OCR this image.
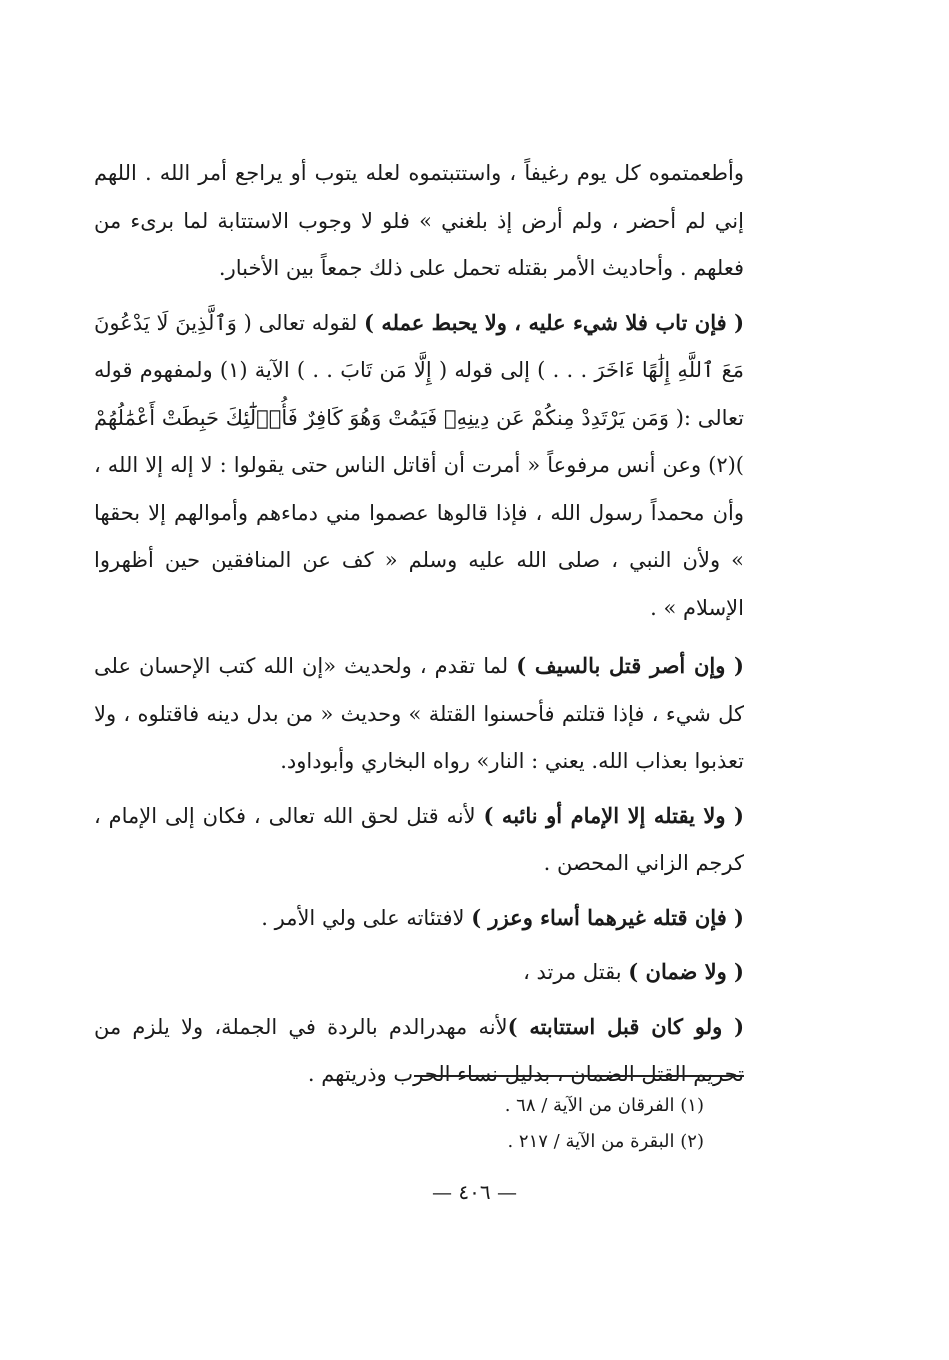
وأطعمتموه كل يوم رغيفاً ، واستتبتموه لعله يتوب أو يراجع أمر الله . اللهم إني لم أحضر ، ولم أرض إذ بلغني » فلو لا وجوب الاستتابة لما برىء من فعلهم . وأحاديث الأمر بقتله تحمل على ذلك جمعاً بين الأخبار.

( فإن تاب فلا شيء عليه ، ولا يحبط عمله ) لقوله تعالى ( وَٱلَّذِينَ لَا يَدْعُونَ مَعَ ٱللَّهِ إِلَٰهًا ءَاخَرَ . . . ) إلى قوله ( إِلَّا مَن تَابَ . . ) الآية (١) ولمفهوم قوله تعالى :( وَمَن يَرْتَدِدْ مِنكُمْ عَن دِينِهِۦ فَيَمُتْ وَهُوَ كَافِرٌ فَأُو۟لَٰٓئِكَ حَبِطَتْ أَعْمَٰلُهُمْ )(٢) وعن أنس مرفوعاً « أمرت أن أقاتل الناس حتى يقولوا : لا إله إلا الله ، وأن محمداً رسول الله ، فإذا قالوها عصموا مني دماءهم وأموالهم إلا بحقها » ولأن النبي ، صلى الله عليه وسلم « كف عن المنافقين حين أظهروا الإسلام » .

( وإن أصر قتل بالسيف ) لما تقدم ، ولحديث «إن الله كتب الإحسان على كل شيء ، فإذا قتلتم فأحسنوا القتلة » وحديث « من بدل دينه فاقتلوه ، ولا تعذبوا بعذاب الله. يعني : النار» رواه البخاري وأبوداود.

( ولا يقتله إلا الإمام أو نائبه ) لأنه قتل لحق الله تعالى ، فكان إلى الإمام ، كرجم الزاني المحصن .

( فإن قتله غيرهما أساء وعزر ) لافتئاته على ولي الأمر .

( ولا ضمان ) بقتل مرتد ،

( ولو كان قبل استتابته )لأنه مهدرالدم بالردة في الجملة، ولا يلزم من تحريم القتل الضمان ، بدليل نساء الحرب وذريتهم .

(١) الفرقان من الآية / ٦٨ .
(٢) البقرة من الآية / ٢١٧ .
— ٤٠٦ —
